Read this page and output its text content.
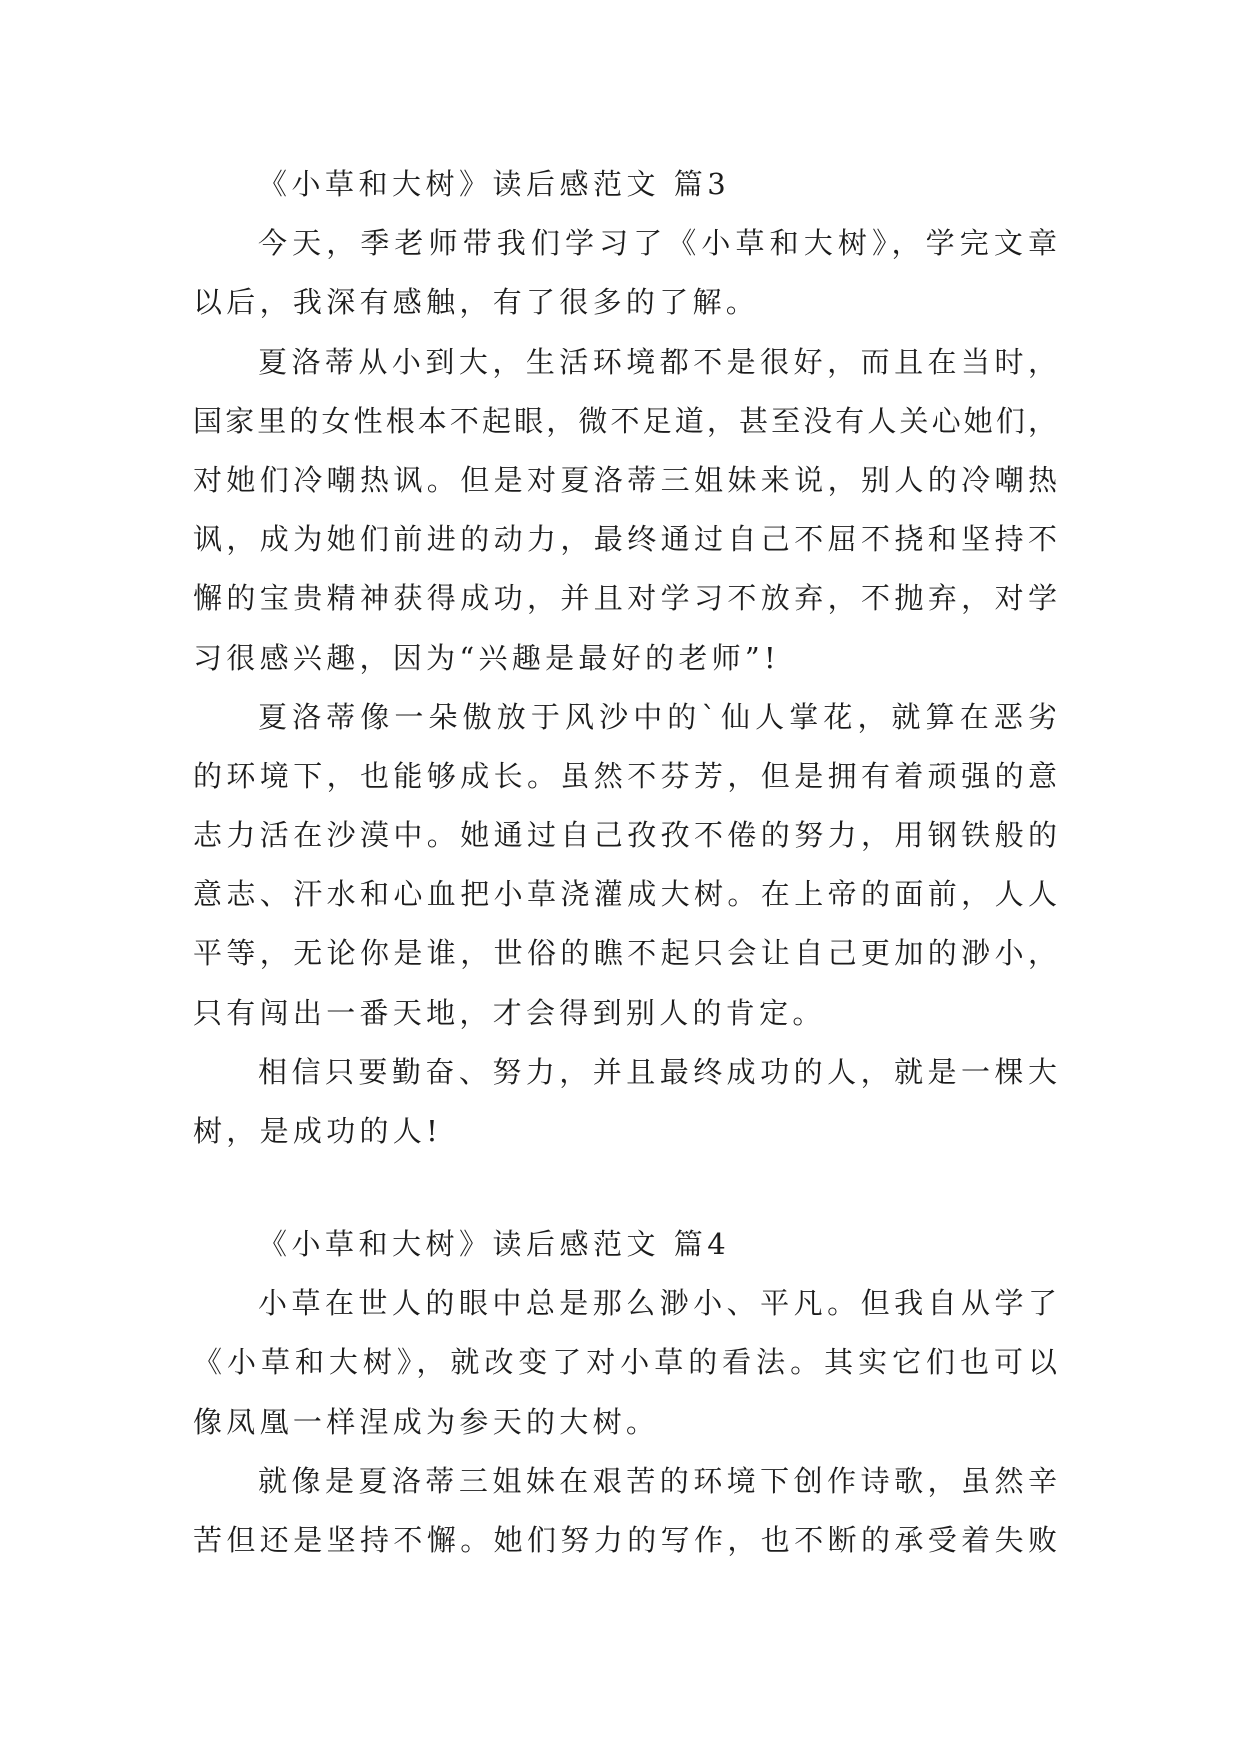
《小草和大树》读后感范文 篇3
今天，季老师带我们学习了《小草和大树》，学完文章
以后，我深有感触，有了很多的了解。
夏洛蒂从小到大，生活环境都不是很好，而且在当时，
国家里的女性根本不起眼，微不足道，甚至没有人关心她们，
对她们冷嘲热讽。但是对夏洛蒂三姐妹来说，别人的冷嘲热
讽，成为她们前进的动力，最终通过自己不屈不挠和坚持不
懈的宝贵精神获得成功，并且对学习不放弃，不抛弃，对学
习很感兴趣，因为“兴趣是最好的老师”!
夏洛蒂像一朵傲放于风沙中的`仙人掌花，就算在恶劣
的环境下，也能够成长。虽然不芬芳，但是拥有着顽强的意
志力活在沙漠中。她通过自己孜孜不倦的努力，用钢铁般的
意志、汗水和心血把小草浇灌成大树。在上帝的面前，人人
平等，无论你是谁，世俗的瞧不起只会让自己更加的渺小，
只有闯出一番天地，才会得到别人的肯定。
相信只要勤奋、努力，并且最终成功的人，就是一棵大
树，是成功的人!
《小草和大树》读后感范文 篇4
小草在世人的眼中总是那么渺小、平凡。但我自从学了
《小草和大树》，就改变了对小草的看法。其实它们也可以
像凤凰一样涅成为参天的大树。
就像是夏洛蒂三姐妹在艰苦的环境下创作诗歌，虽然辛
苦但还是坚持不懈。她们努力的写作，也不断的承受着失败
